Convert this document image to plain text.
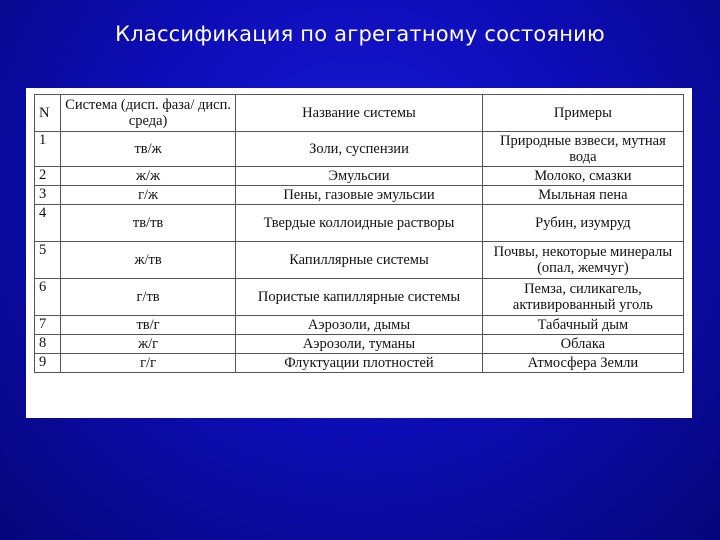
Классификация по агрегатному состоянию
N	Система (дисп. фаза/ дисп. среда)	Название системы	Примеры
1	тв/ж	Золи, суспензии	Природные взвеси, мутная вода
2	ж/ж	Эмульсии	Молоко, смазки
3	г/ж	Пены, газовые эмульсии	Мыльная пена
4	тв/тв	Твердые коллоидные растворы	Рубин, изумруд
5	ж/тв	Капиллярные системы	Почвы, некоторые минералы (опал, жемчуг)
6	г/тв	Пористые капиллярные системы	Пемза, силикагель, активированный уголь
7	тв/г	Аэрозоли, дымы	Табачный дым
8	ж/г	Аэрозоли, туманы	Облака
9	г/г	Флуктуации плотностей	Атмосфера Земли
